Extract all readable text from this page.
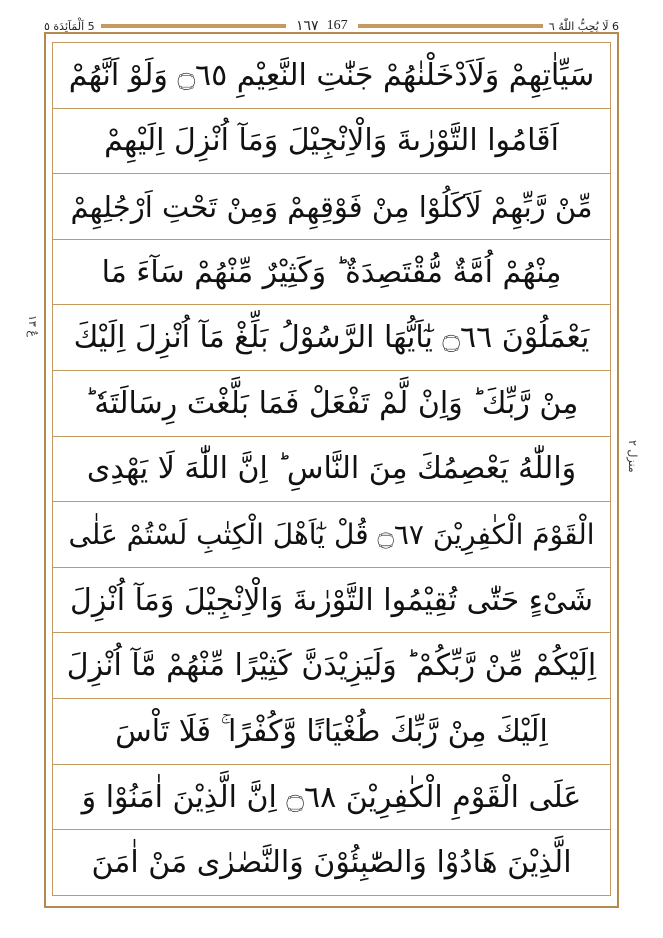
5 اَلْمَآئِدَة ٥	١٦٧ 167	6 لَا يُحِبُّ اللّٰهُ ٦
عٌ ١٣
منزل ٢
سَيِّاٰتِهِمْ وَلَاَدْخَلْنٰهُمْ جَنّٰتِ النَّعِيْمِ ۝٦٥ وَلَوْ اَنَّهُمْ
اَقَامُوا التَّوْرٰىةَ وَالْاِنْجِيْلَ وَمَآ اُنْزِلَ اِلَيْهِمْ
مِّنْ رَّبِّهِمْ لَاَكَلُوْا مِنْ فَوْقِهِمْ وَمِنْ تَحْتِ اَرْجُلِهِمْ
مِنْهُمْ اُمَّةٌ مُّقْتَصِدَةٌ ؕ وَكَثِيْرٌ مِّنْهُمْ سَآءَ مَا
يَعْمَلُوْنَ ۝٦٦ يٰٓاَيُّهَا الرَّسُوْلُ بَلِّغْ مَآ اُنْزِلَ اِلَيْكَ
مِنْ رَّبِّكَ ؕ وَاِنْ لَّمْ تَفْعَلْ فَمَا بَلَّغْتَ رِسَالَتَهٗ ؕ
وَاللّٰهُ يَعْصِمُكَ مِنَ النَّاسِ ؕ اِنَّ اللّٰهَ لَا يَهْدِى
الْقَوْمَ الْكٰفِرِيْنَ ۝٦٧ قُلْ يٰٓاَهْلَ الْكِتٰبِ لَسْتُمْ عَلٰى
شَىْءٍ حَتّٰى تُقِيْمُوا التَّوْرٰىةَ وَالْاِنْجِيْلَ وَمَآ اُنْزِلَ
اِلَيْكُمْ مِّنْ رَّبِّكُمْ ؕ وَلَيَزِيْدَنَّ كَثِيْرًا مِّنْهُمْ مَّآ اُنْزِلَ
اِلَيْكَ مِنْ رَّبِّكَ طُغْيَانًا وَّكُفْرًا ۚ فَلَا تَاْسَ
عَلَى الْقَوْمِ الْكٰفِرِيْنَ ۝٦٨ اِنَّ الَّذِيْنَ اٰمَنُوْا وَ
الَّذِيْنَ هَادُوْا وَالصّٰبِئُوْنَ وَالنَّصٰرٰى مَنْ اٰمَنَ
